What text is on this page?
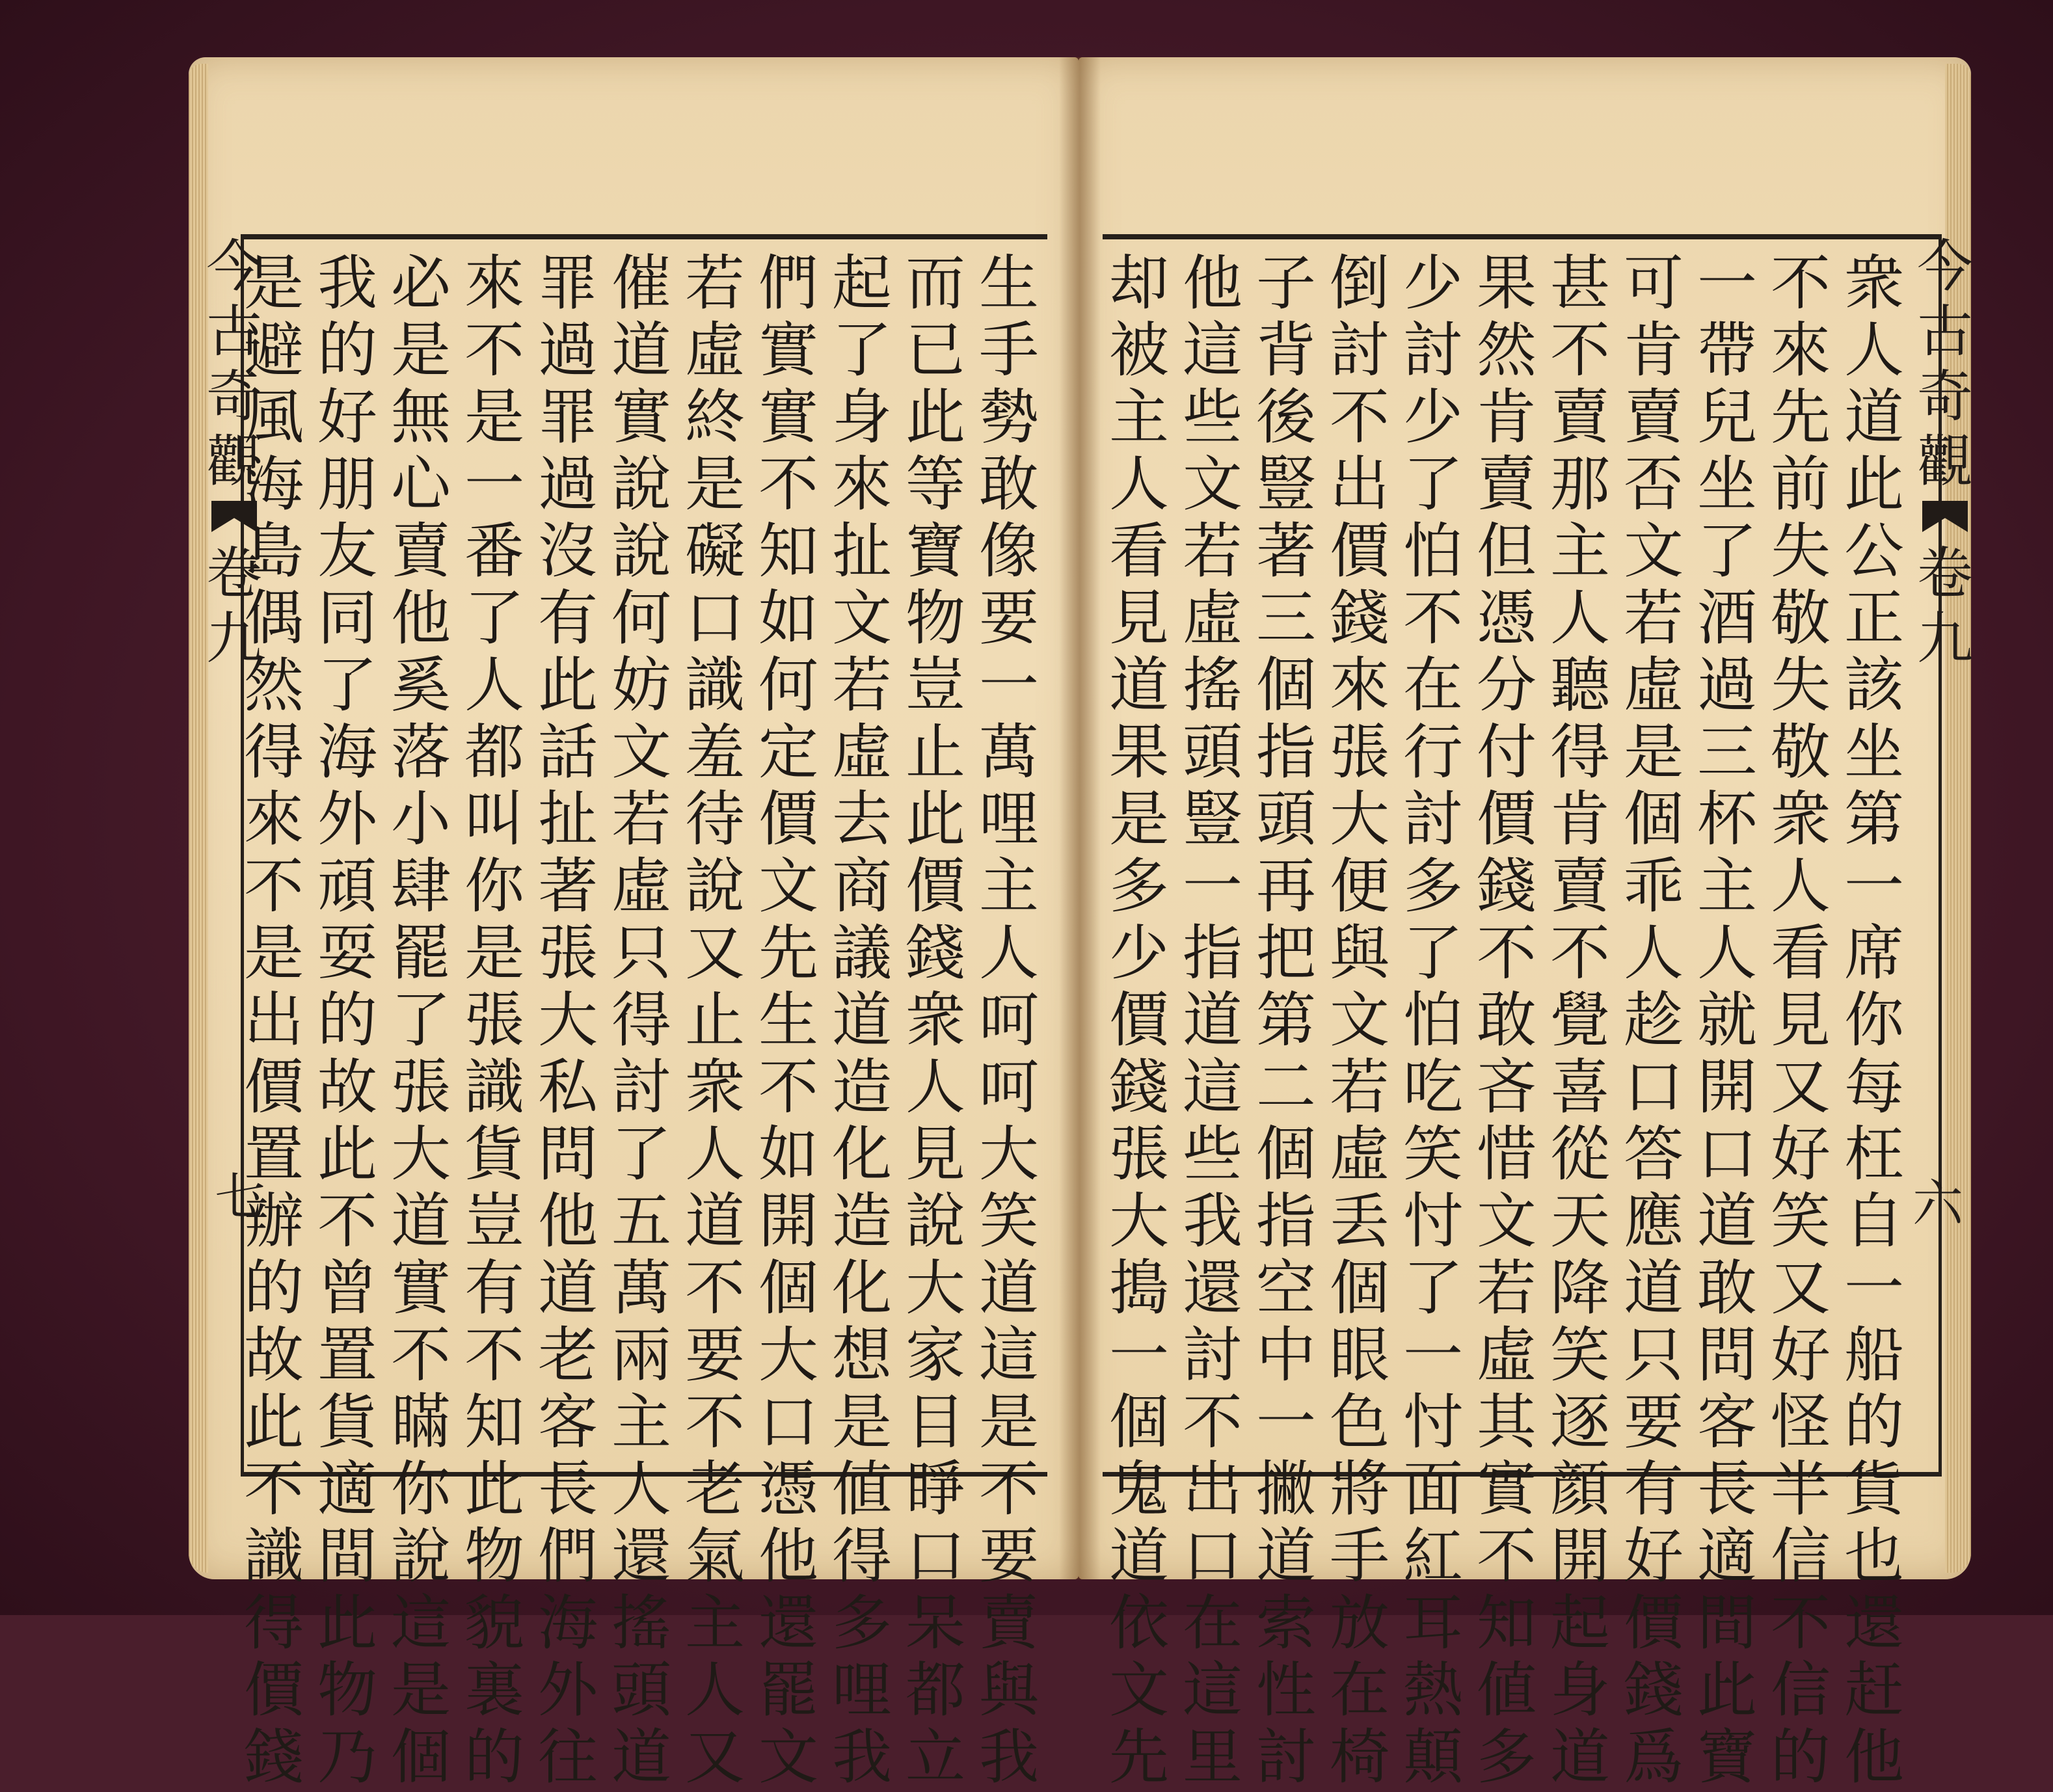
今
古
奇
觀
卷
九
七
今
古
奇
觀
卷
九
六
生
手
勢
敢
像
要
一
萬
哩
主
人
呵
呵
大
笑
道
這
是
不
要
賣
與
我
而
已
此
等
寶
物
豈
止
此
價
錢
衆
人
見
說
大
家
目
睜
口
呆
都
立
起
了
身
來
扯
文
若
虛
去
商
議
道
造
化
造
化
想
是
値
得
多
哩
我
們
實
實
不
知
如
何
定
價
文
先
生
不
如
開
個
大
口
憑
他
還
罷
文
若
虛
終
是
礙
口
識
羞
待
說
又
止
衆
人
道
不
要
不
老
氣
主
人
又
催
道
實
說
說
何
妨
文
若
虛
只
得
討
了
五
萬
兩
主
人
還
搖
頭
道
罪
過
罪
過
沒
有
此
話
扯
著
張
大
私
問
他
道
老
客
長
們
海
外
往
來
不
是
一
番
了
人
都
叫
你
是
張
識
貨
豈
有
不
知
此
物
貌
裏
的
必
是
無
心
賣
他
奚
落
小
肆
罷
了
張
大
道
實
不
瞞
你
說
這
是
個
我
的
好
朋
友
同
了
海
外
頑
耍
的
故
此
不
曾
置
貨
適
間
此
物
乃
是
避
風
海
島
偶
然
得
來
不
是
出
價
置
辦
的
故
此
不
識
得
價
錢
衆
人
道
此
公
正
該
坐
第
一
席
你
每
枉
自
一
船
的
貨
也
還
赶
他
不
來
先
前
失
敬
失
敬
衆
人
看
見
又
好
笑
又
好
怪
半
信
不
信
的
一
帶
兒
坐
了
酒
過
三
杯
主
人
就
開
口
道
敢
問
客
長
適
間
此
寶
可
肯
賣
否
文
若
虛
是
個
乖
人
趁
口
答
應
道
只
要
有
好
價
錢
爲
甚
不
賣
那
主
人
聽
得
肯
賣
不
覺
喜
從
天
降
笑
逐
顔
開
起
身
道
果
然
肯
賣
但
憑
分
付
價
錢
不
敢
吝
惜
文
若
虛
其
實
不
知
値
多
少
討
少
了
怕
不
在
行
討
多
了
怕
吃
笑
忖
了
一
忖
面
紅
耳
熱
顛
倒
討
不
出
價
錢
來
張
大
便
與
文
若
虛
丢
個
眼
色
將
手
放
在
椅
子
背
後
豎
著
三
個
指
頭
再
把
第
二
個
指
空
中
一
撇
道
索
性
討
他
這
些
文
若
虛
搖
頭
豎
一
指
道
這
些
我
還
討
不
出
口
在
這
里
却
被
主
人
看
見
道
果
是
多
少
價
錢
張
大
搗
一
個
鬼
道
依
文
先
